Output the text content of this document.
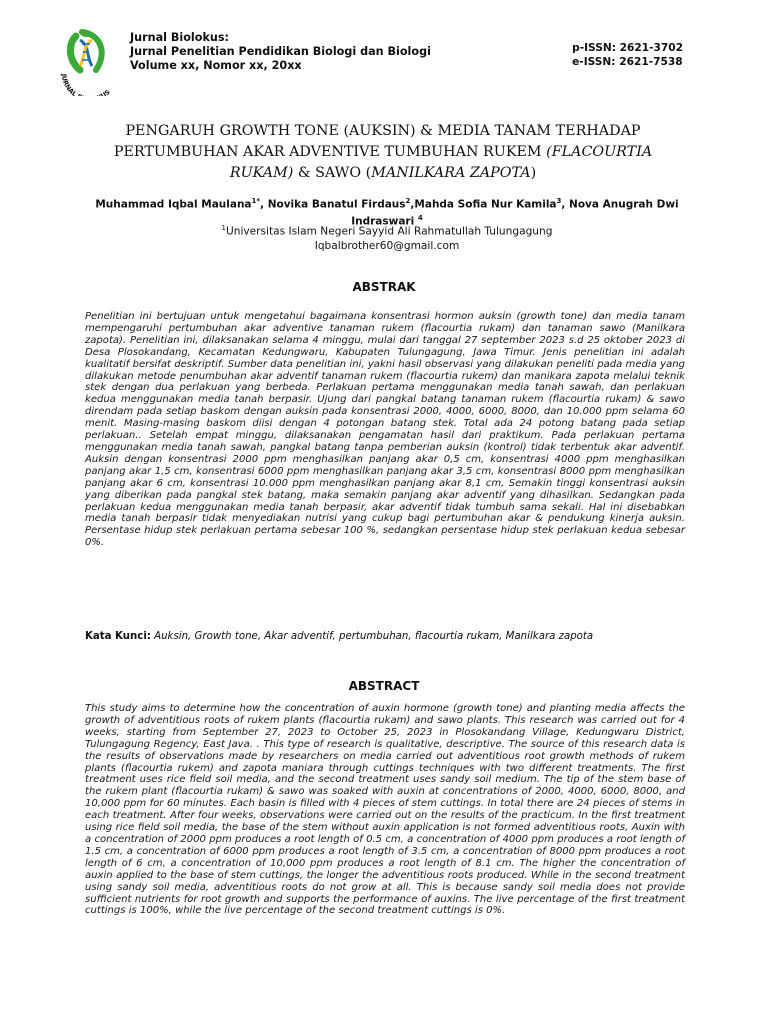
JURNAL US
Jurnal Biolokus:
Jurnal Penelitian Pendidikan Biologi dan Biologi
Volume xx, Nomor xx, 20xx
p-ISSN: 2621-3702
e-ISSN: 2621-7538
PENGARUH GROWTH TONE (AUKSIN) & MEDIA TANAM TERHADAP
PERTUMBUHAN AKAR ADVENTIVE TUMBUHAN RUKEM (FLACOURTIA
RUKAM) & SAWO (MANILKARA ZAPOTA)
Muhammad Iqbal Maulana$^{1*}$, Novika Banatul Firdaus$^2$,Mahda Sofia Nur Kamila$^3$, Nova Anugrah Dwi Indraswari $^4$
$^1$Universitas Islam Negeri Sayyid Ali Rahmatullah Tulungagung
Iqbalbrother60@gmail.com
ABSTRAK
Penelitian ini bertujuan untuk mengetahui bagaimana konsentrasi hormon auksin (growth tone) dan media tanam mempengaruhi pertumbuhan akar adventive tanaman rukem (flacourtia rukam) dan tanaman sawo (Manilkara zapota). Penelitian ini, dilaksanakan selama 4 minggu, mulai dari tanggal 27 september 2023 s.d 25 oktober 2023 di Desa Plosokandang, Kecamatan Kedungwaru, Kabupaten Tulungagung, Jawa Timur. Jenis penelitian ini adalah kualitatif bersifat deskriptif. Sumber data penelitian ini, yakni hasil observasi yang dilakukan peneliti pada media yang dilakukan metode penumbuhan akar adventif tanaman rukem (flacourtia rukem) dan manikara zapota melalui teknik stek dengan dua perlakuan yang berbeda. Perlakuan pertama menggunakan media tanah sawah, dan perlakuan kedua menggunakan media tanah berpasir. Ujung dari pangkal batang tanaman rukem (flacourtia rukam) & sawo direndam pada setiap baskom dengan auksin pada konsentrasi 2000, 4000, 6000, 8000, dan 10.000 ppm selama 60 menit. Masing-masing baskom diisi dengan 4 potongan batang stek. Total ada 24 potong batang pada setiap perlakuan.. Setelah empat minggu, dilaksanakan pengamatan hasil dari praktikum. Pada perlakuan pertama menggunakan media tanah sawah, pangkal batang tanpa pemberian auksin (kontrol) tidak terbentuk akar adventif. Auksin dengan konsentrasi 2000 ppm menghasilkan panjang akar 0,5 cm, konsentrasi 4000 ppm menghasilkan panjang akar 1,5 cm, konsentrasi 6000 ppm menghasilkan panjang akar 3,5 cm, konsentrasi 8000 ppm menghasilkan panjang akar 6 cm, konsentrasi 10.000 ppm menghasilkan panjang akar 8,1 cm, Semakin tinggi konsentrasi auksin yang diberikan pada pangkal stek batang, maka semakin panjang akar adventif yang dihasilkan. Sedangkan pada perlakuan kedua menggunakan media tanah berpasir, akar adventif tidak tumbuh sama sekali. Hal ini disebabkan media tanah berpasir tidak menyediakan nutrisi yang cukup bagi pertumbuhan akar & pendukung kinerja auksin. Persentase hidup stek perlakuan pertama sebesar 100 %, sedangkan persentase hidup stek perlakuan kedua sebesar 0%.
Kata Kunci: Auksin, Growth tone, Akar adventif, pertumbuhan, flacourtia rukam, Manilkara zapota
ABSTRACT
This study aims to determine how the concentration of auxin hormone (growth tone) and planting media affects the growth of adventitious roots of rukem plants (flacourtia rukam) and sawo plants. This research was carried out for 4 weeks, starting from September 27, 2023 to October 25, 2023 in Plosokandang Village, Kedungwaru District, Tulungagung Regency, East Java. . This type of research is qualitative, descriptive. The source of this research data is the results of observations made by researchers on media carried out adventitious root growth methods of rukem plants (flacourtia rukem) and zapota maniara through cuttings techniques with two different treatments. The first treatment uses rice field soil media, and the second treatment uses sandy soil medium. The tip of the stem base of the rukem plant (flacourtia rukam) & sawo was soaked with auxin at concentrations of 2000, 4000, 6000, 8000, and 10,000 ppm for 60 minutes. Each basin is filled with 4 pieces of stem cuttings. In total there are 24 pieces of stems in each treatment. After four weeks, observations were carried out on the results of the practicum. In the first treatment using rice field soil media, the base of the stem without auxin application is not formed adventitious roots, Auxin with a concentration of 2000 ppm produces a root length of 0.5 cm, a concentration of 4000 ppm produces a root length of 1.5 cm, a concentration of 6000 ppm produces a root length of 3.5 cm, a concentration of 8000 ppm produces a root length of 6 cm, a concentration of 10,000 ppm produces a root length of 8.1 cm. The higher the concentration of auxin applied to the base of stem cuttings, the longer the adventitious roots produced. While in the second treatment using sandy soil media, adventitious roots do not grow at all. This is because sandy soil media does not provide sufficient nutrients for root growth and supports the performance of auxins. The live percentage of the first treatment cuttings is 100%, while the live percentage of the second treatment cuttings is 0%.
